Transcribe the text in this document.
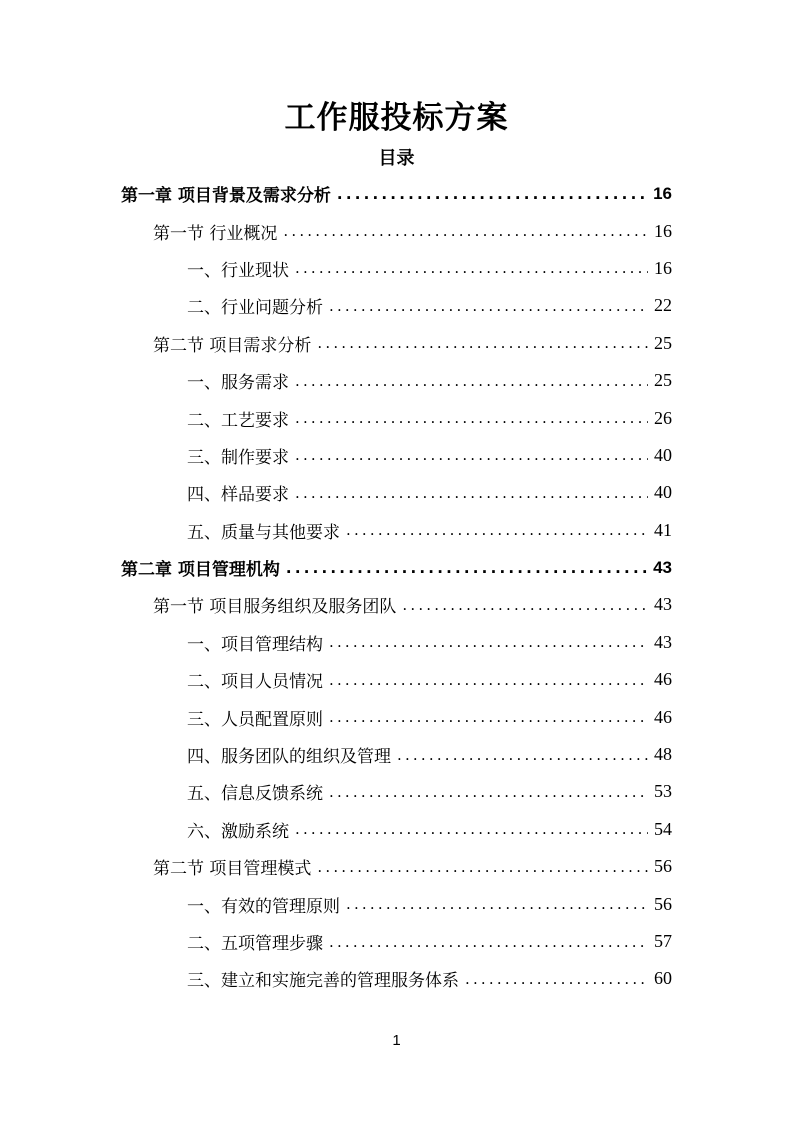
工作服投标方案
目录
第一章 项目背景及需求分析 .....	16
第一节 行业概况 .....	16
一、行业现状 .....	16
二、行业问题分析 .....	22
第二节 项目需求分析 .....	25
一、服务需求 .....	25
二、工艺要求 .....	26
三、制作要求 .....	40
四、样品要求 .....	40
五、质量与其他要求 .....	41
第二章 项目管理机构 .....	43
第一节 项目服务组织及服务团队 .....	43
一、项目管理结构 .....	43
二、项目人员情况 .....	46
三、人员配置原则 .....	46
四、服务团队的组织及管理 .....	48
五、信息反馈系统 .....	53
六、激励系统 .....	54
第二节 项目管理模式 .....	56
一、有效的管理原则 .....	56
二、五项管理步骤 .....	57
三、建立和实施完善的管理服务体系 .....	60
1
